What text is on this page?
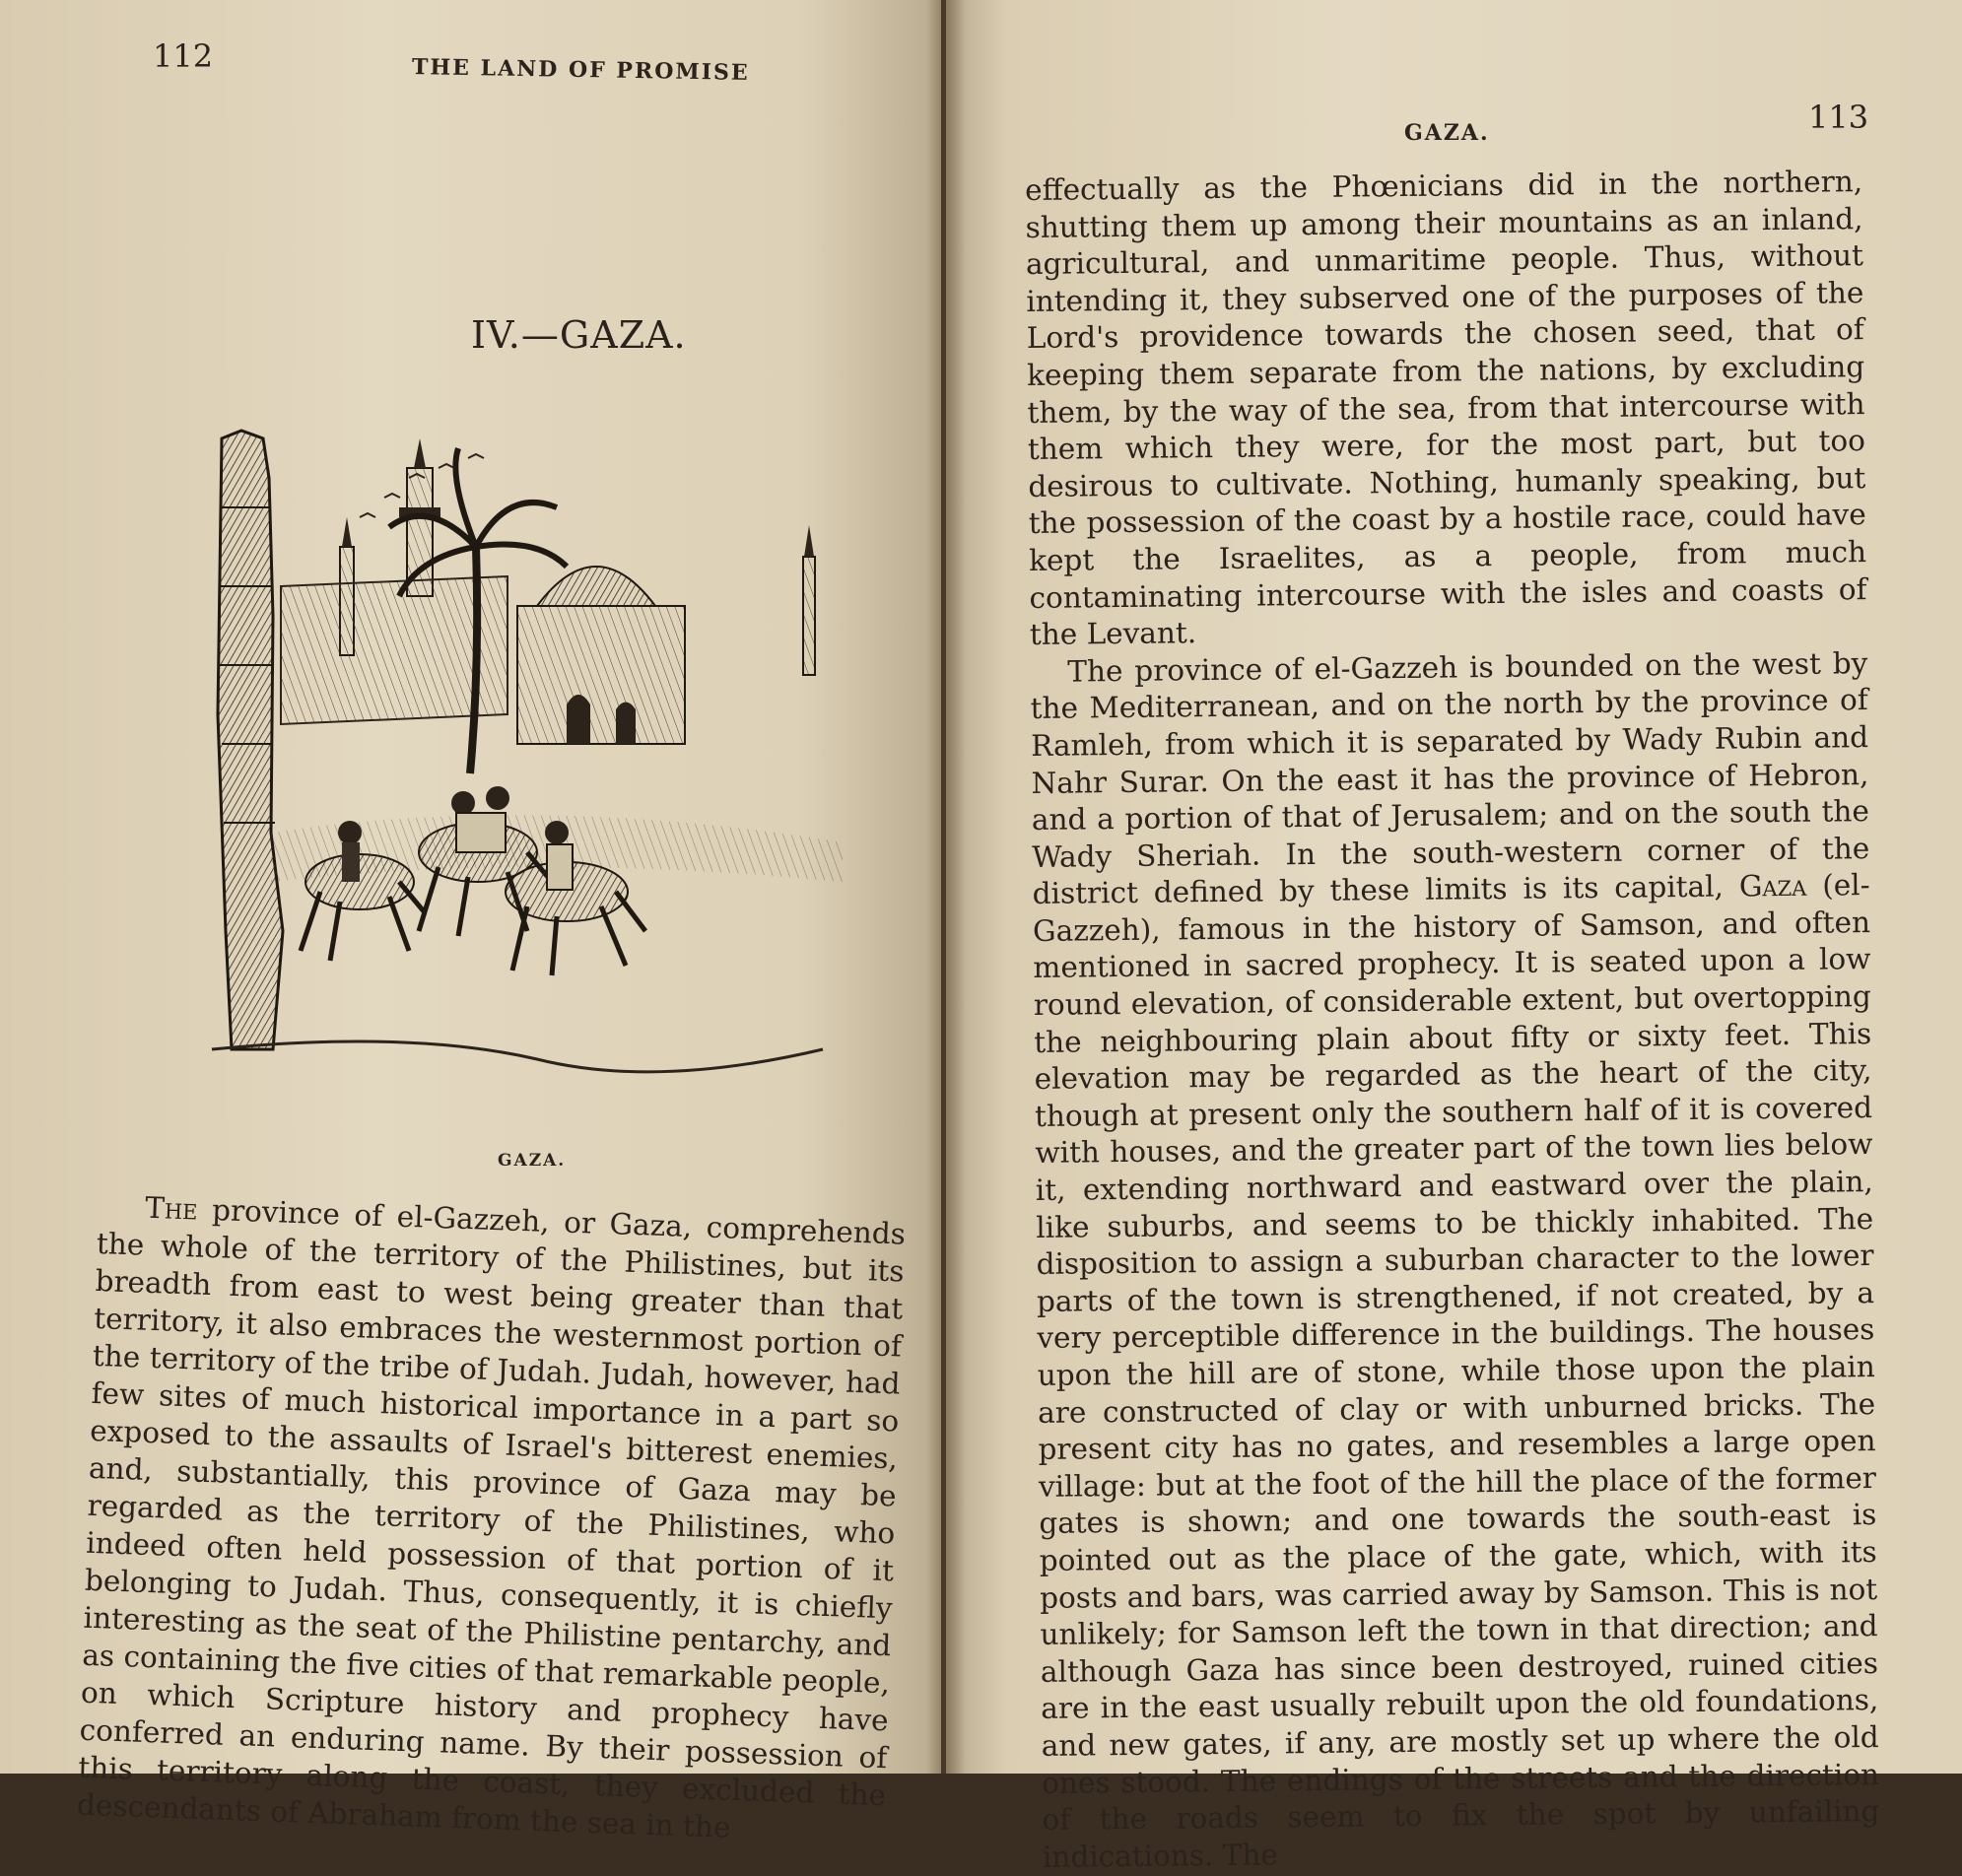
112	THE LAND OF PROMISE
IV.—GAZA.
GAZA.

The province of el-Gazzeh, or Gaza, comprehends the whole of the territory of the Philistines, but its breadth from east to west being greater than that territory, it also embraces the westernmost portion of the territory of the tribe of Judah. Judah, however, had few sites of much historical importance in a part so exposed to the assaults of Israel's bitterest enemies, and, substantially, this province of Gaza may be regarded as the territory of the Philistines, who indeed often held possession of that portion of it belonging to Judah. Thus, consequently, it is chiefly interesting as the seat of the Philistine pentarchy, and as containing the five cities of that remarkable people, on which Scripture history and prophecy have conferred an enduring name. By their possession of this territory along the coast, they excluded the descendants of Abraham from the sea in the

113
GAZA.

effectually as the Phœnicians did in the northern, shutting them up among their mountains as an inland, agricultural, and unmaritime people. Thus, without intending it, they subserved one of the purposes of the Lord's providence towards the chosen seed, that of keeping them separate from the nations, by excluding them, by the way of the sea, from that intercourse with them which they were, for the most part, but too desirous to cultivate. Nothing, humanly speaking, but the possession of the coast by a hostile race, could have kept the Israelites, as a people, from much contaminating intercourse with the isles and coasts of the Levant.

The province of el-Gazzeh is bounded on the west by the Mediterranean, and on the north by the province of Ramleh, from which it is separated by Wady Rubin and Nahr Surar. On the east it has the province of Hebron, and a portion of that of Jerusalem; and on the south the Wady Sheriah. In the south-western corner of the district defined by these limits is its capital, Gaza (el-Gazzeh), famous in the history of Samson, and often mentioned in sacred prophecy. It is seated upon a low round elevation, of considerable extent, but overtopping the neighbouring plain about fifty or sixty feet. This elevation may be regarded as the heart of the city, though at present only the southern half of it is covered with houses, and the greater part of the town lies below it, extending northward and eastward over the plain, like suburbs, and seems to be thickly inhabited. The disposition to assign a suburban character to the lower parts of the town is strengthened, if not created, by a very perceptible difference in the buildings. The houses upon the hill are of stone, while those upon the plain are constructed of clay or with unburned bricks. The present city has no gates, and resembles a large open village: but at the foot of the hill the place of the former gates is shown; and one towards the south-east is pointed out as the place of the gate, which, with its posts and bars, was carried away by Samson. This is not unlikely; for Samson left the town in that direction; and although Gaza has since been destroyed, ruined cities are in the east usually rebuilt upon the old foundations, and new gates, if any, are mostly set up where the old ones stood. The endings of the streets and the direction of the roads seem to fix the spot by unfailing indications. The
